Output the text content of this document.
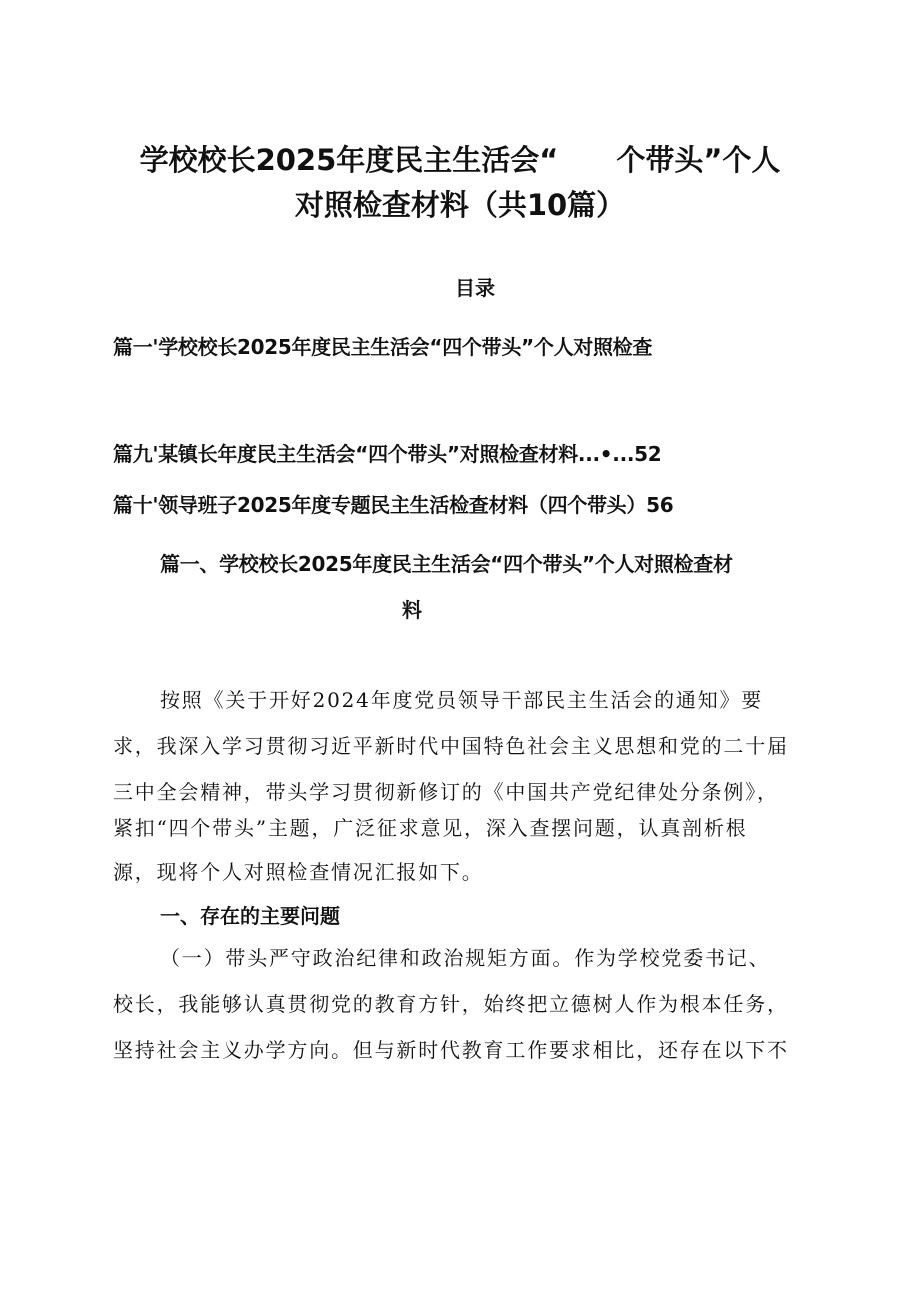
学校校长2025年度民主生活会“　　个带头”个人
对照检查材料（共10篇）
目录
篇一'学校校长2025年度民主生活会“四个带头”个人对照检查
篇九'某镇长年度民主生活会“四个带头”对照检查材料...•...52
篇十'领导班子2025年度专题民主生活检查材料（四个带头）56
篇一、学校校长2025年度民主生活会“四个带头”个人对照检查材
料
按照《关于开好2024年度党员领导干部民主生活会的通知》要
求，我深入学习贯彻习近平新时代中国特色社会主义思想和党的二十届
三中全会精神，带头学习贯彻新修订的《中国共产党纪律处分条例》，
紧扣“四个带头”主题，广泛征求意见，深入查摆问题，认真剖析根
源，现将个人对照检查情况汇报如下。
一、存在的主要问题
（一）带头严守政治纪律和政治规矩方面。作为学校党委书记、
校长，我能够认真贯彻党的教育方针，始终把立德树人作为根本任务，
坚持社会主义办学方向。但与新时代教育工作要求相比，还存在以下不
